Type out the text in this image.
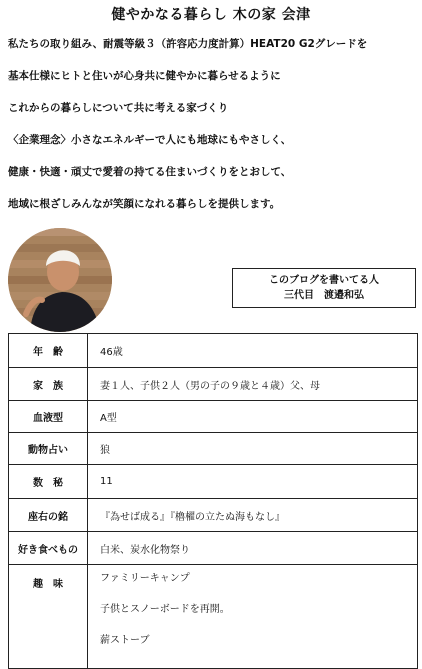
健やかなる暮らし 木の家 会津
私たちの取り組み、耐震等級３（許容応力度計算）HEAT20 G2グレードを
基本仕様にヒトと住いが心身共に健やかに暮らせるように
これからの暮らしについて共に考える家づくり
〈企業理念〉小さなエネルギーで人にも地球にもやさしく、
健康・快適・頑丈で愛着の持てる住まいづくりをとおして、
地域に根ざしみんなが笑顔になれる暮らしを提供します。
このブログを書いてる人
三代目　渡邉和弘
年　齢	46歳
家　族	妻１人、子供２人（男の子の９歳と４歳）父、母
血液型	A型
動物占い	狼
数　秘	11
座右の銘	『為せば成る』『櫓櫂の立たぬ海もなし』
好き食べもの	白米、炭水化物祭り
趣　味	ファミリーキャンプ
子供とスノーボードを再開。
薪ストーブ
